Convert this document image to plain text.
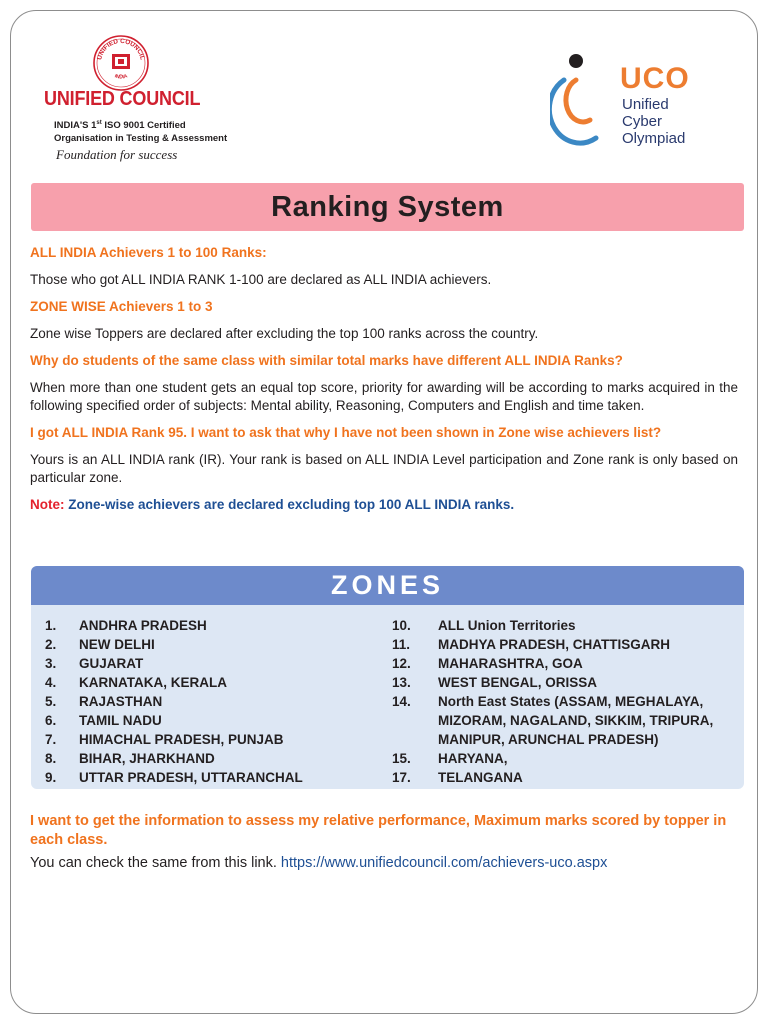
UNIFIED COUNCIL
INDIA
UNIFIED COUNCIL
INDIA'S 1st ISO 9001 Certified
Organisation in Testing & Assessment
Foundation for success
UCO
Unified
Cyber
Olympiad
Ranking System
ALL INDIA Achievers 1 to 100 Ranks:
Those who got ALL INDIA RANK 1-100 are declared as ALL INDIA achievers.
ZONE WISE Achievers 1 to 3
Zone wise Toppers are declared after excluding the top 100 ranks across the country.
Why do students of the same class with similar total marks have different ALL INDIA Ranks?
When more than one student gets an equal top score, priority for awarding will be according to marks acquired in the following specified order of subjects: Mental ability, Reasoning, Computers and English and time taken.
I got ALL INDIA Rank 95. I want to ask that why I have not been shown in Zone wise achievers list?
Yours is an ALL INDIA rank (IR). Your rank is based on ALL INDIA Level participation and Zone rank is only based on particular zone.
Note: Zone-wise achievers are declared excluding top 100 ALL INDIA ranks.
ZONES
1.	ANDHRA PRADESH
2.	NEW DELHI
3.	GUJARAT
4.	KARNATAKA, KERALA
5.	RAJASTHAN
6.	TAMIL NADU
7.	HIMACHAL PRADESH, PUNJAB
8.	BIHAR, JHARKHAND
9.	UTTAR PRADESH, UTTARANCHAL
10.	ALL Union Territories
11.	MADHYA PRADESH, CHATTISGARH
12.	MAHARASHTRA, GOA
13.	WEST BENGAL, ORISSA
14.	North East States (ASSAM, MEGHALAYA, MIZORAM, NAGALAND, SIKKIM, TRIPURA, MANIPUR, ARUNCHAL PRADESH)
15.	HARYANA,
17.	TELANGANA
I want to get the information to assess my relative performance, Maximum marks scored by topper in each class.
You can check the same from this link. https://www.unifiedcouncil.com/achievers-uco.aspx
